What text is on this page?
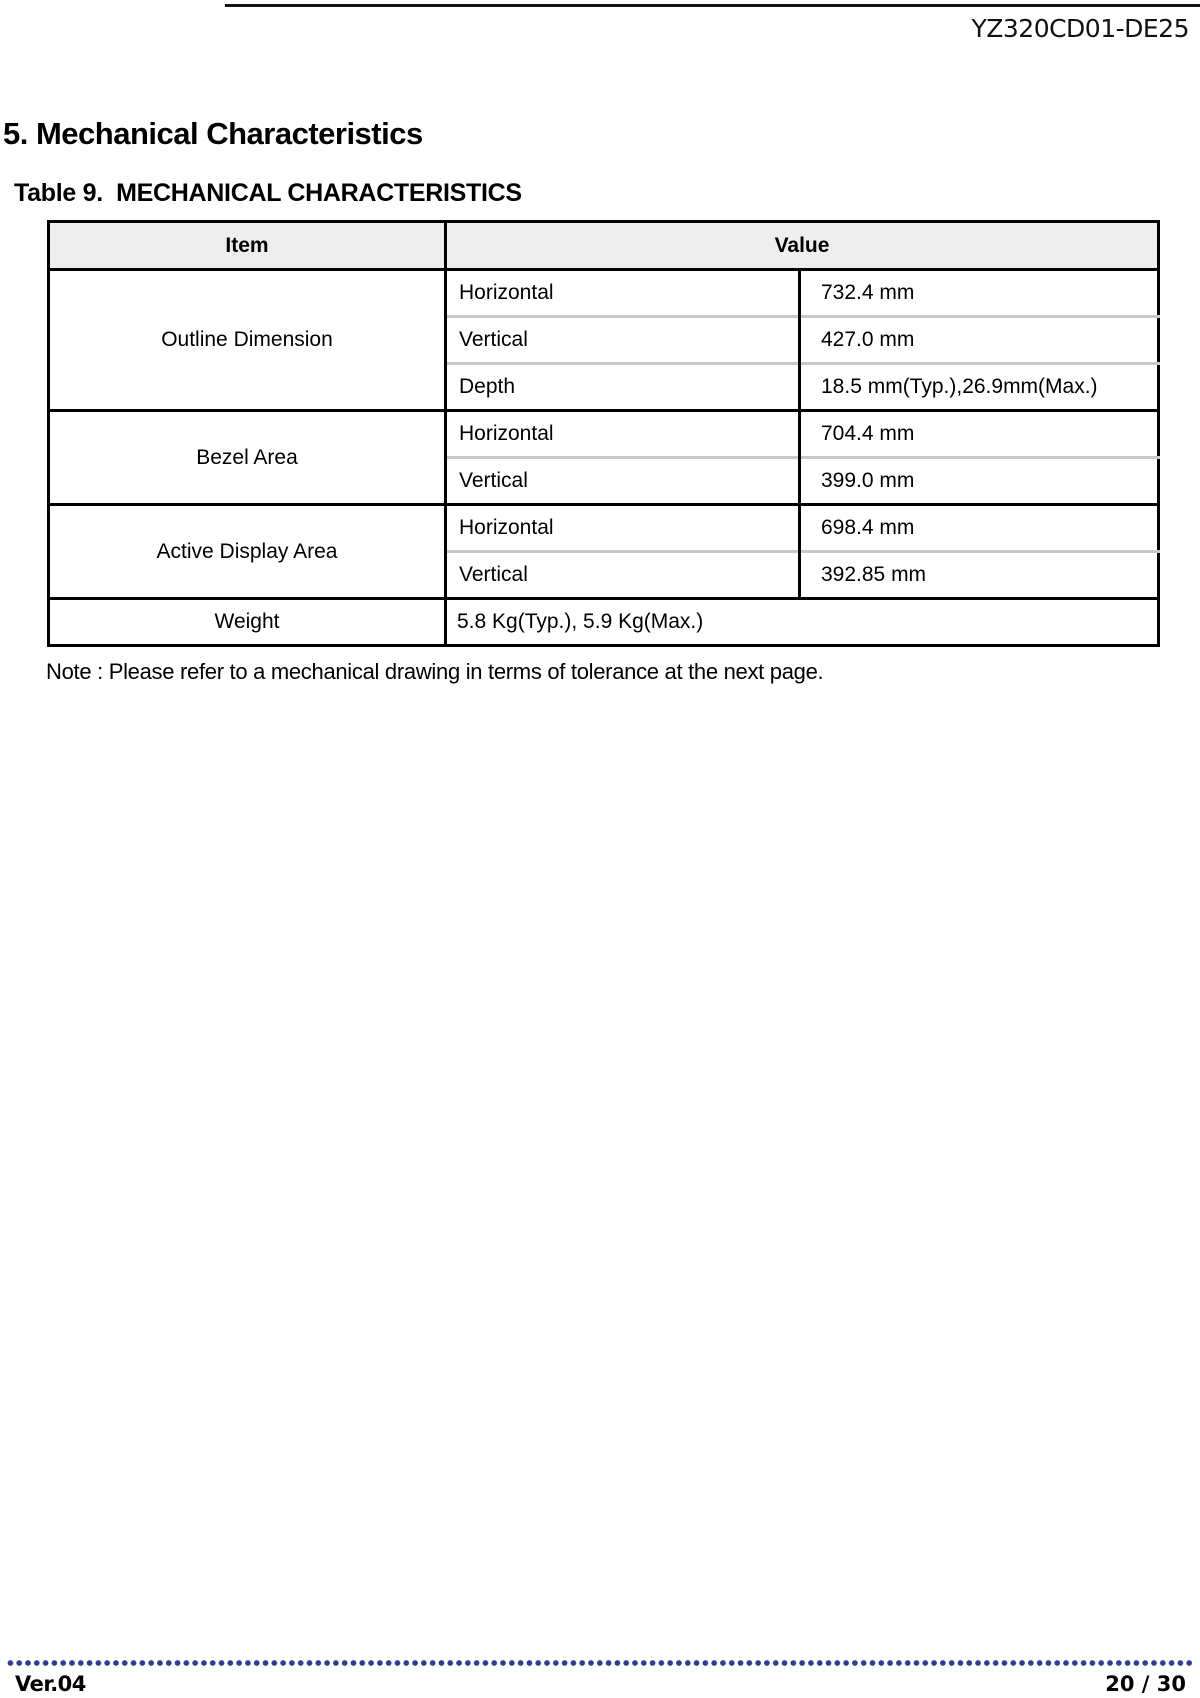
YZ320CD01-DE25
5. Mechanical Characteristics
Table 9.  MECHANICAL CHARACTERISTICS
Item	Value	
Outline Dimension	Horizontal	732.4 mm
	Vertical	427.0 mm
	Depth	18.5 mm(Typ.),26.9mm(Max.)
Bezel Area	Horizontal	704.4 mm
	Vertical	399.0 mm
Active Display Area	Horizontal	698.4 mm
	Vertical	392.85 mm
Weight	5.8 Kg(Typ.), 5.9 Kg(Max.)	
Note : Please refer to a mechanical drawing in terms of tolerance at the next page.
Ver.04	20 / 30
